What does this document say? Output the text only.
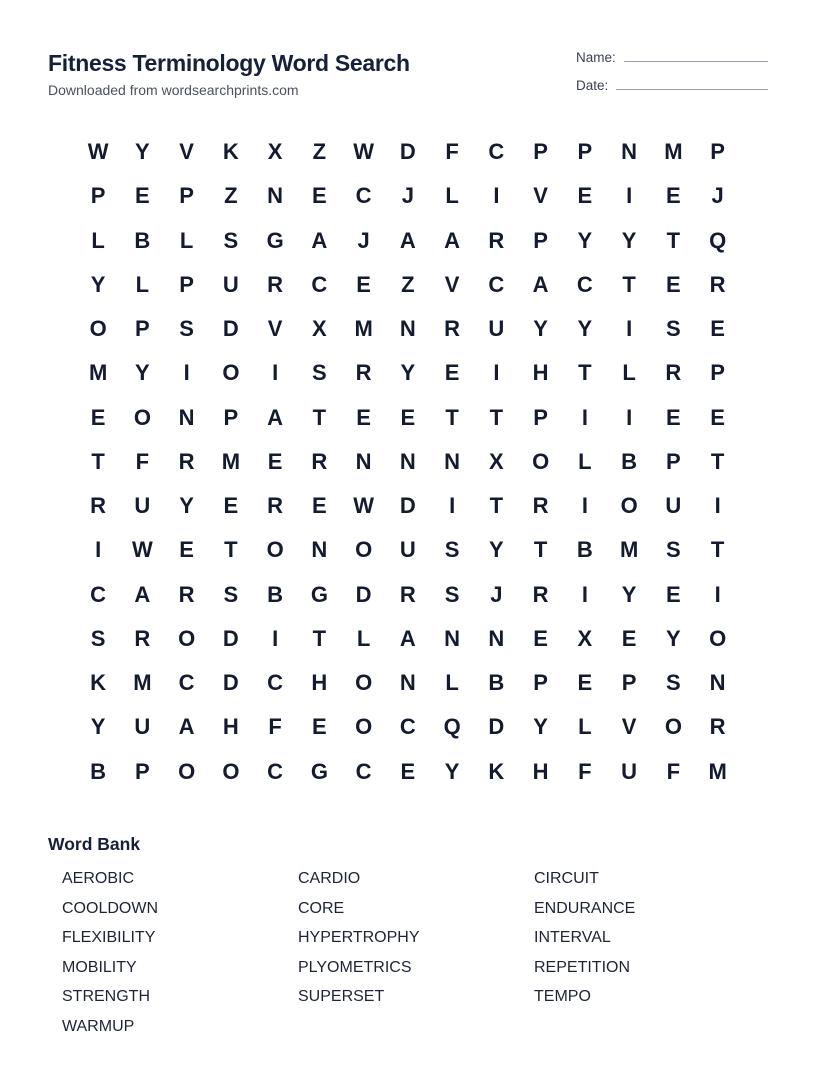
Fitness Terminology Word Search
Downloaded from wordsearchprints.com
Name:
Date:
W	Y	V	K	X	Z	W	D	F	C	P	P	N	M	P
P	E	P	Z	N	E	C	J	L	I	V	E	I	E	J
L	B	L	S	G	A	J	A	A	R	P	Y	Y	T	Q
Y	L	P	U	R	C	E	Z	V	C	A	C	T	E	R
O	P	S	D	V	X	M	N	R	U	Y	Y	I	S	E
M	Y	I	O	I	S	R	Y	E	I	H	T	L	R	P
E	O	N	P	A	T	E	E	T	T	P	I	I	E	E
T	F	R	M	E	R	N	N	N	X	O	L	B	P	T
R	U	Y	E	R	E	W	D	I	T	R	I	O	U	I
I	W	E	T	O	N	O	U	S	Y	T	B	M	S	T
C	A	R	S	B	G	D	R	S	J	R	I	Y	E	I
S	R	O	D	I	T	L	A	N	N	E	X	E	Y	O
K	M	C	D	C	H	O	N	L	B	P	E	P	S	N
Y	U	A	H	F	E	O	C	Q	D	Y	L	V	O	R
B	P	O	O	C	G	C	E	Y	K	H	F	U	F	M
Word Bank
AEROBIC	CARDIO	CIRCUIT
COOLDOWN	CORE	ENDURANCE
FLEXIBILITY	HYPERTROPHY	INTERVAL
MOBILITY	PLYOMETRICS	REPETITION
STRENGTH	SUPERSET	TEMPO
WARMUP
